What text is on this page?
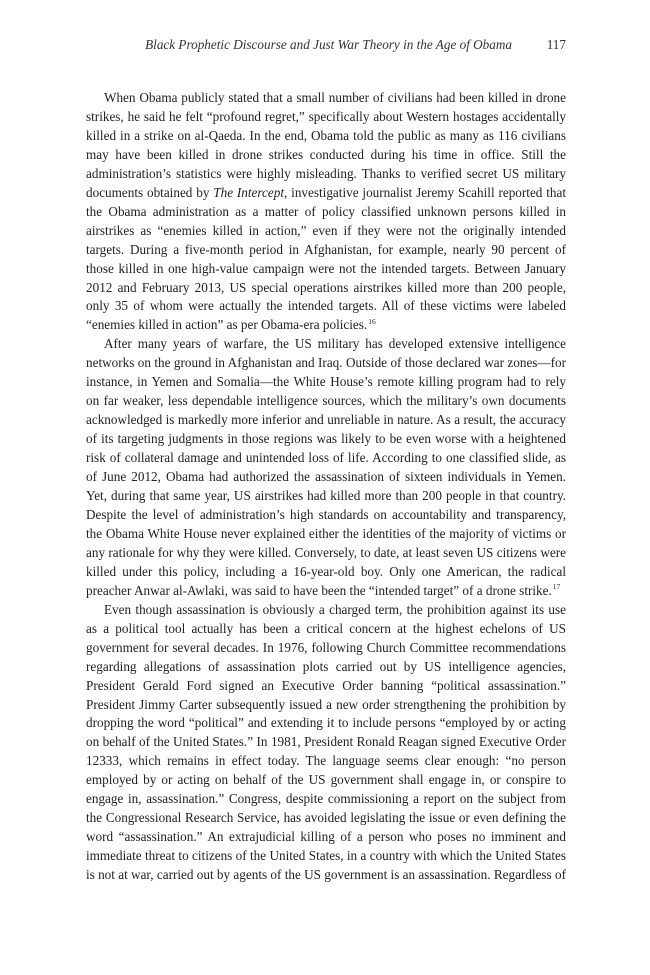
Black Prophetic Discourse and Just War Theory in the Age of Obama	117

When Obama publicly stated that a small number of civilians had been killed in drone strikes, he said he felt “profound regret,” specifically about Western hostages accidentally killed in a strike on al-Qaeda. In the end, Obama told the public as many as 116 civilians may have been killed in drone strikes conducted during his time in office. Still the administration’s statistics were highly misleading. Thanks to verified secret US military documents obtained by The Intercept, investigative journalist Jeremy Scahill reported that the Obama administration as a matter of policy classified unknown persons killed in airstrikes as “enemies killed in action,” even if they were not the originally intended targets. During a five-month period in Afghanistan, for example, nearly 90 percent of those killed in one high-value campaign were not the intended targets. Between January 2012 and February 2013, US special operations airstrikes killed more than 200 people, only 35 of whom were actually the intended targets. All of these victims were labeled “enemies killed in action” as per Obama-era policies.$^{16}$

After many years of warfare, the US military has developed extensive intelligence networks on the ground in Afghanistan and Iraq. Outside of those declared war zones—for instance, in Yemen and Somalia—the White House’s remote killing program had to rely on far weaker, less dependable intelligence sources, which the military’s own documents acknowledged is markedly more inferior and unreliable in nature. As a result, the accuracy of its targeting judgments in those regions was likely to be even worse with a heightened risk of collateral damage and unintended loss of life. According to one classified slide, as of June 2012, Obama had authorized the assassination of sixteen individuals in Yemen. Yet, during that same year, US airstrikes had killed more than 200 people in that country. Despite the level of administration’s high standards on accountability and transparency, the Obama White House never explained either the identities of the majority of victims or any rationale for why they were killed. Conversely, to date, at least seven US citizens were killed under this policy, including a 16-year-old boy. Only one American, the radical preacher Anwar al-Awlaki, was said to have been the “intended target” of a drone strike.$^{17}$

Even though assassination is obviously a charged term, the prohibition against its use as a political tool actually has been a critical concern at the highest echelons of US government for several decades. In 1976, following Church Committee recommendations regarding allegations of assassination plots carried out by US intelligence agencies, President Gerald Ford signed an Executive Order banning “political assassination.” President Jimmy Carter subsequently issued a new order strengthening the prohibition by dropping the word “political” and extending it to include persons “employed by or acting on behalf of the United States.” In 1981, President Ronald Reagan signed Executive Order 12333, which remains in effect today. The language seems clear enough: “no person employed by or acting on behalf of the US government shall engage in, or conspire to engage in, assassination.” Congress, despite commissioning a report on the subject from the Congressional Research Service, has avoided legislating the issue or even defining the word “assassination.” An extrajudicial killing of a person who poses no imminent and immediate threat to citizens of the United States, in a country with which the United States is not at war, carried out by agents of the US government is an assassination. Regardless of
